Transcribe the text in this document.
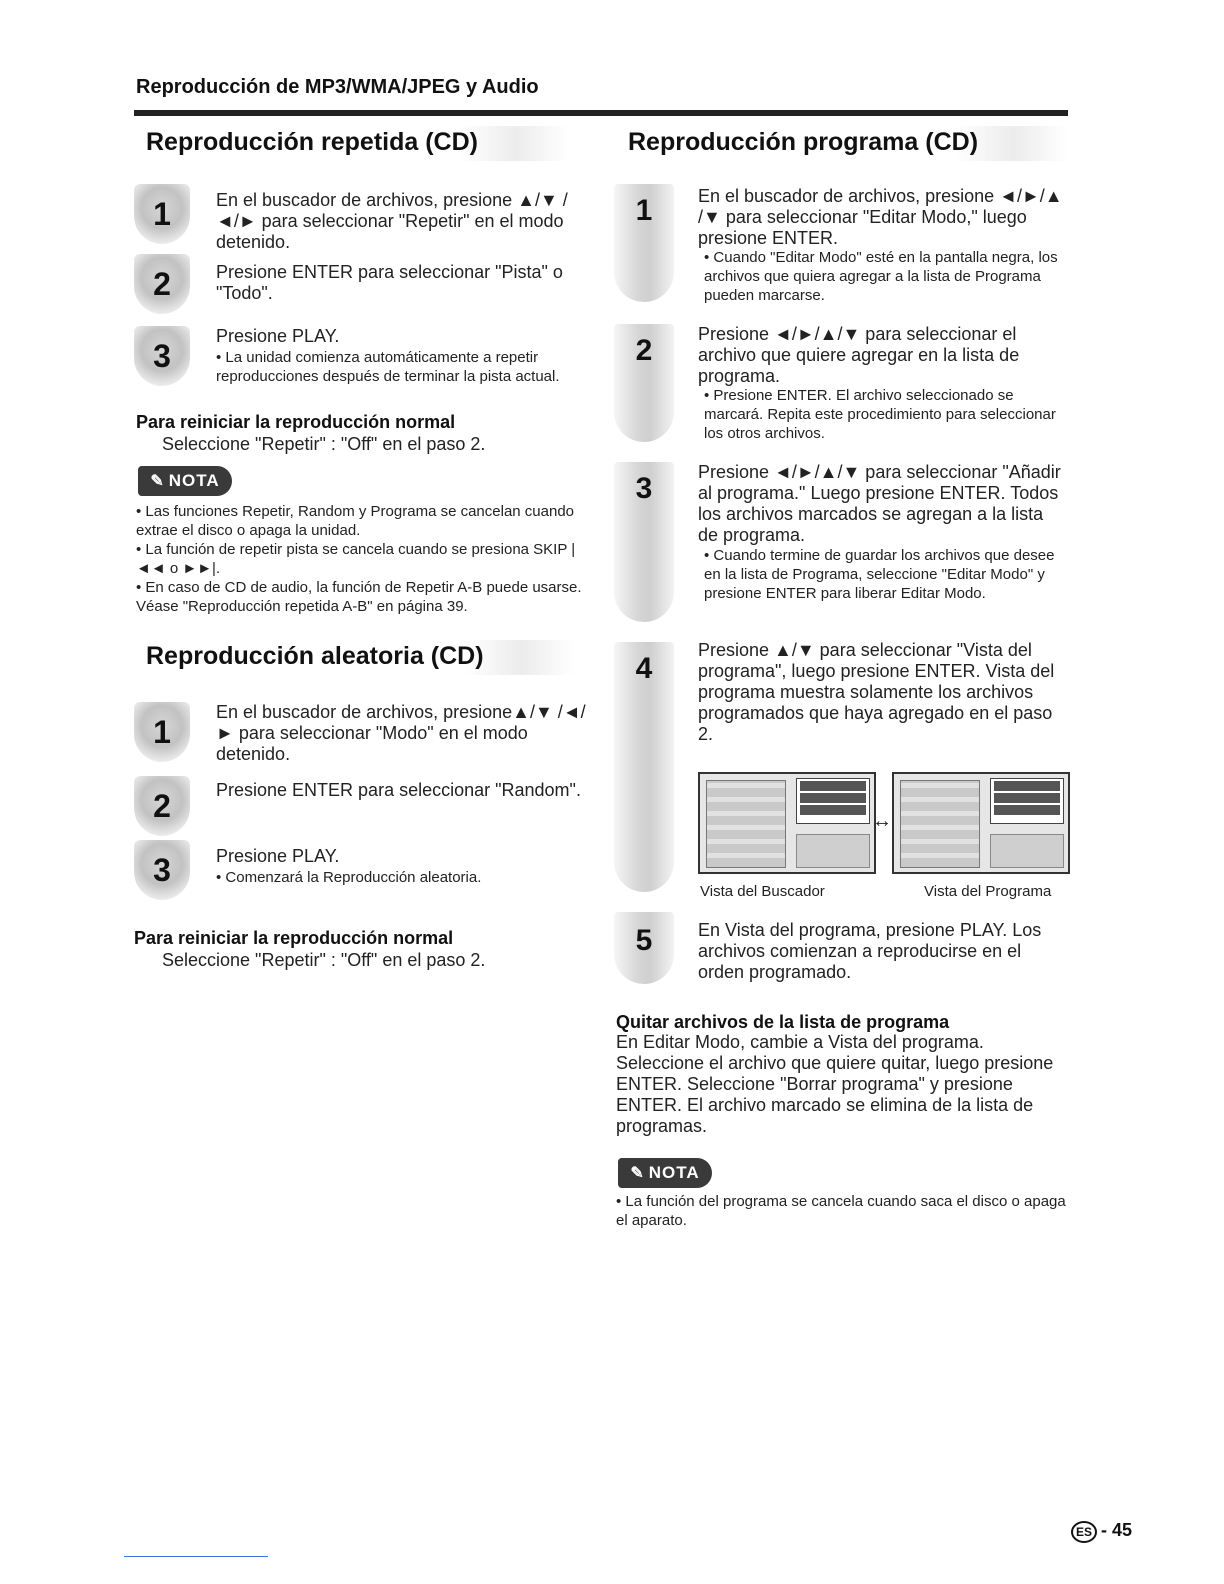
Reproducción de MP3/WMA/JPEG y Audio
Reproducción repetida (CD)
1	En el buscador de archivos, presione ▲/▼ /◄/► para seleccionar "Repetir" en el modo detenido.
2	Presione ENTER para seleccionar "Pista" o "Todo".
3
Presione PLAY.
• La unidad comienza automáticamente a repetir reproducciones después de terminar la pista actual.
Para reiniciar la reproducción normal
Seleccione "Repetir" : "Off" en el paso 2.
✎ NOTA
• Las funciones Repetir, Random y Programa se cancelan cuando extrae el disco o apaga la unidad.
• La función de repetir pista se cancela cuando se presiona SKIP |◄◄ o ►►|.
• En caso de CD de audio, la función de Repetir A-B puede usarse. Véase "Reproducción repetida A-B" en página 39.
Reproducción aleatoria (CD)
1
En el buscador de archivos, presione▲/▼ /◄/► para seleccionar "Modo" en el modo detenido.
2	Presione ENTER para seleccionar "Random".
3	Presione PLAY.
• Comenzará la Reproducción aleatoria.
Para reiniciar la reproducción normal
Seleccione "Repetir" : "Off" en el paso 2.
Reproducción programa (CD)
1	En el buscador de archivos, presione ◄/►/▲ /▼ para seleccionar "Editar Modo," luego presione ENTER.
• Cuando "Editar Modo" esté en la pantalla negra, los archivos que quiera agregar a la lista de Programa pueden marcarse.
2	Presione ◄/►/▲/▼ para seleccionar el archivo que quiere agregar en la lista de programa.
• Presione ENTER. El archivo seleccionado se marcará. Repita este procedimiento para seleccionar los otros archivos.
3	Presione ◄/►/▲/▼ para seleccionar "Añadir al programa." Luego presione ENTER. Todos los archivos marcados se agregan a la lista de programa.
• Cuando termine de guardar los archivos que desee en la lista de Programa, seleccione "Editar Modo" y presione ENTER para liberar Editar Modo.
4
Presione ▲/▼ para seleccionar "Vista del programa", luego presione ENTER. Vista del programa muestra solamente los archivos programados que haya agregado en el paso 2.
↔
Vista del Buscador	Vista del Programa
5	En Vista del programa, presione PLAY. Los archivos comienzan a reproducirse en el orden programado.
Quitar archivos de la lista de programa
En Editar Modo, cambie a Vista del programa. Seleccione el archivo que quiere quitar, luego presione ENTER. Seleccione "Borrar programa" y presione ENTER. El archivo marcado se elimina de la lista de programas.
✎ NOTA
• La función del programa se cancela cuando saca el disco o apaga el aparato.
ES - 45
